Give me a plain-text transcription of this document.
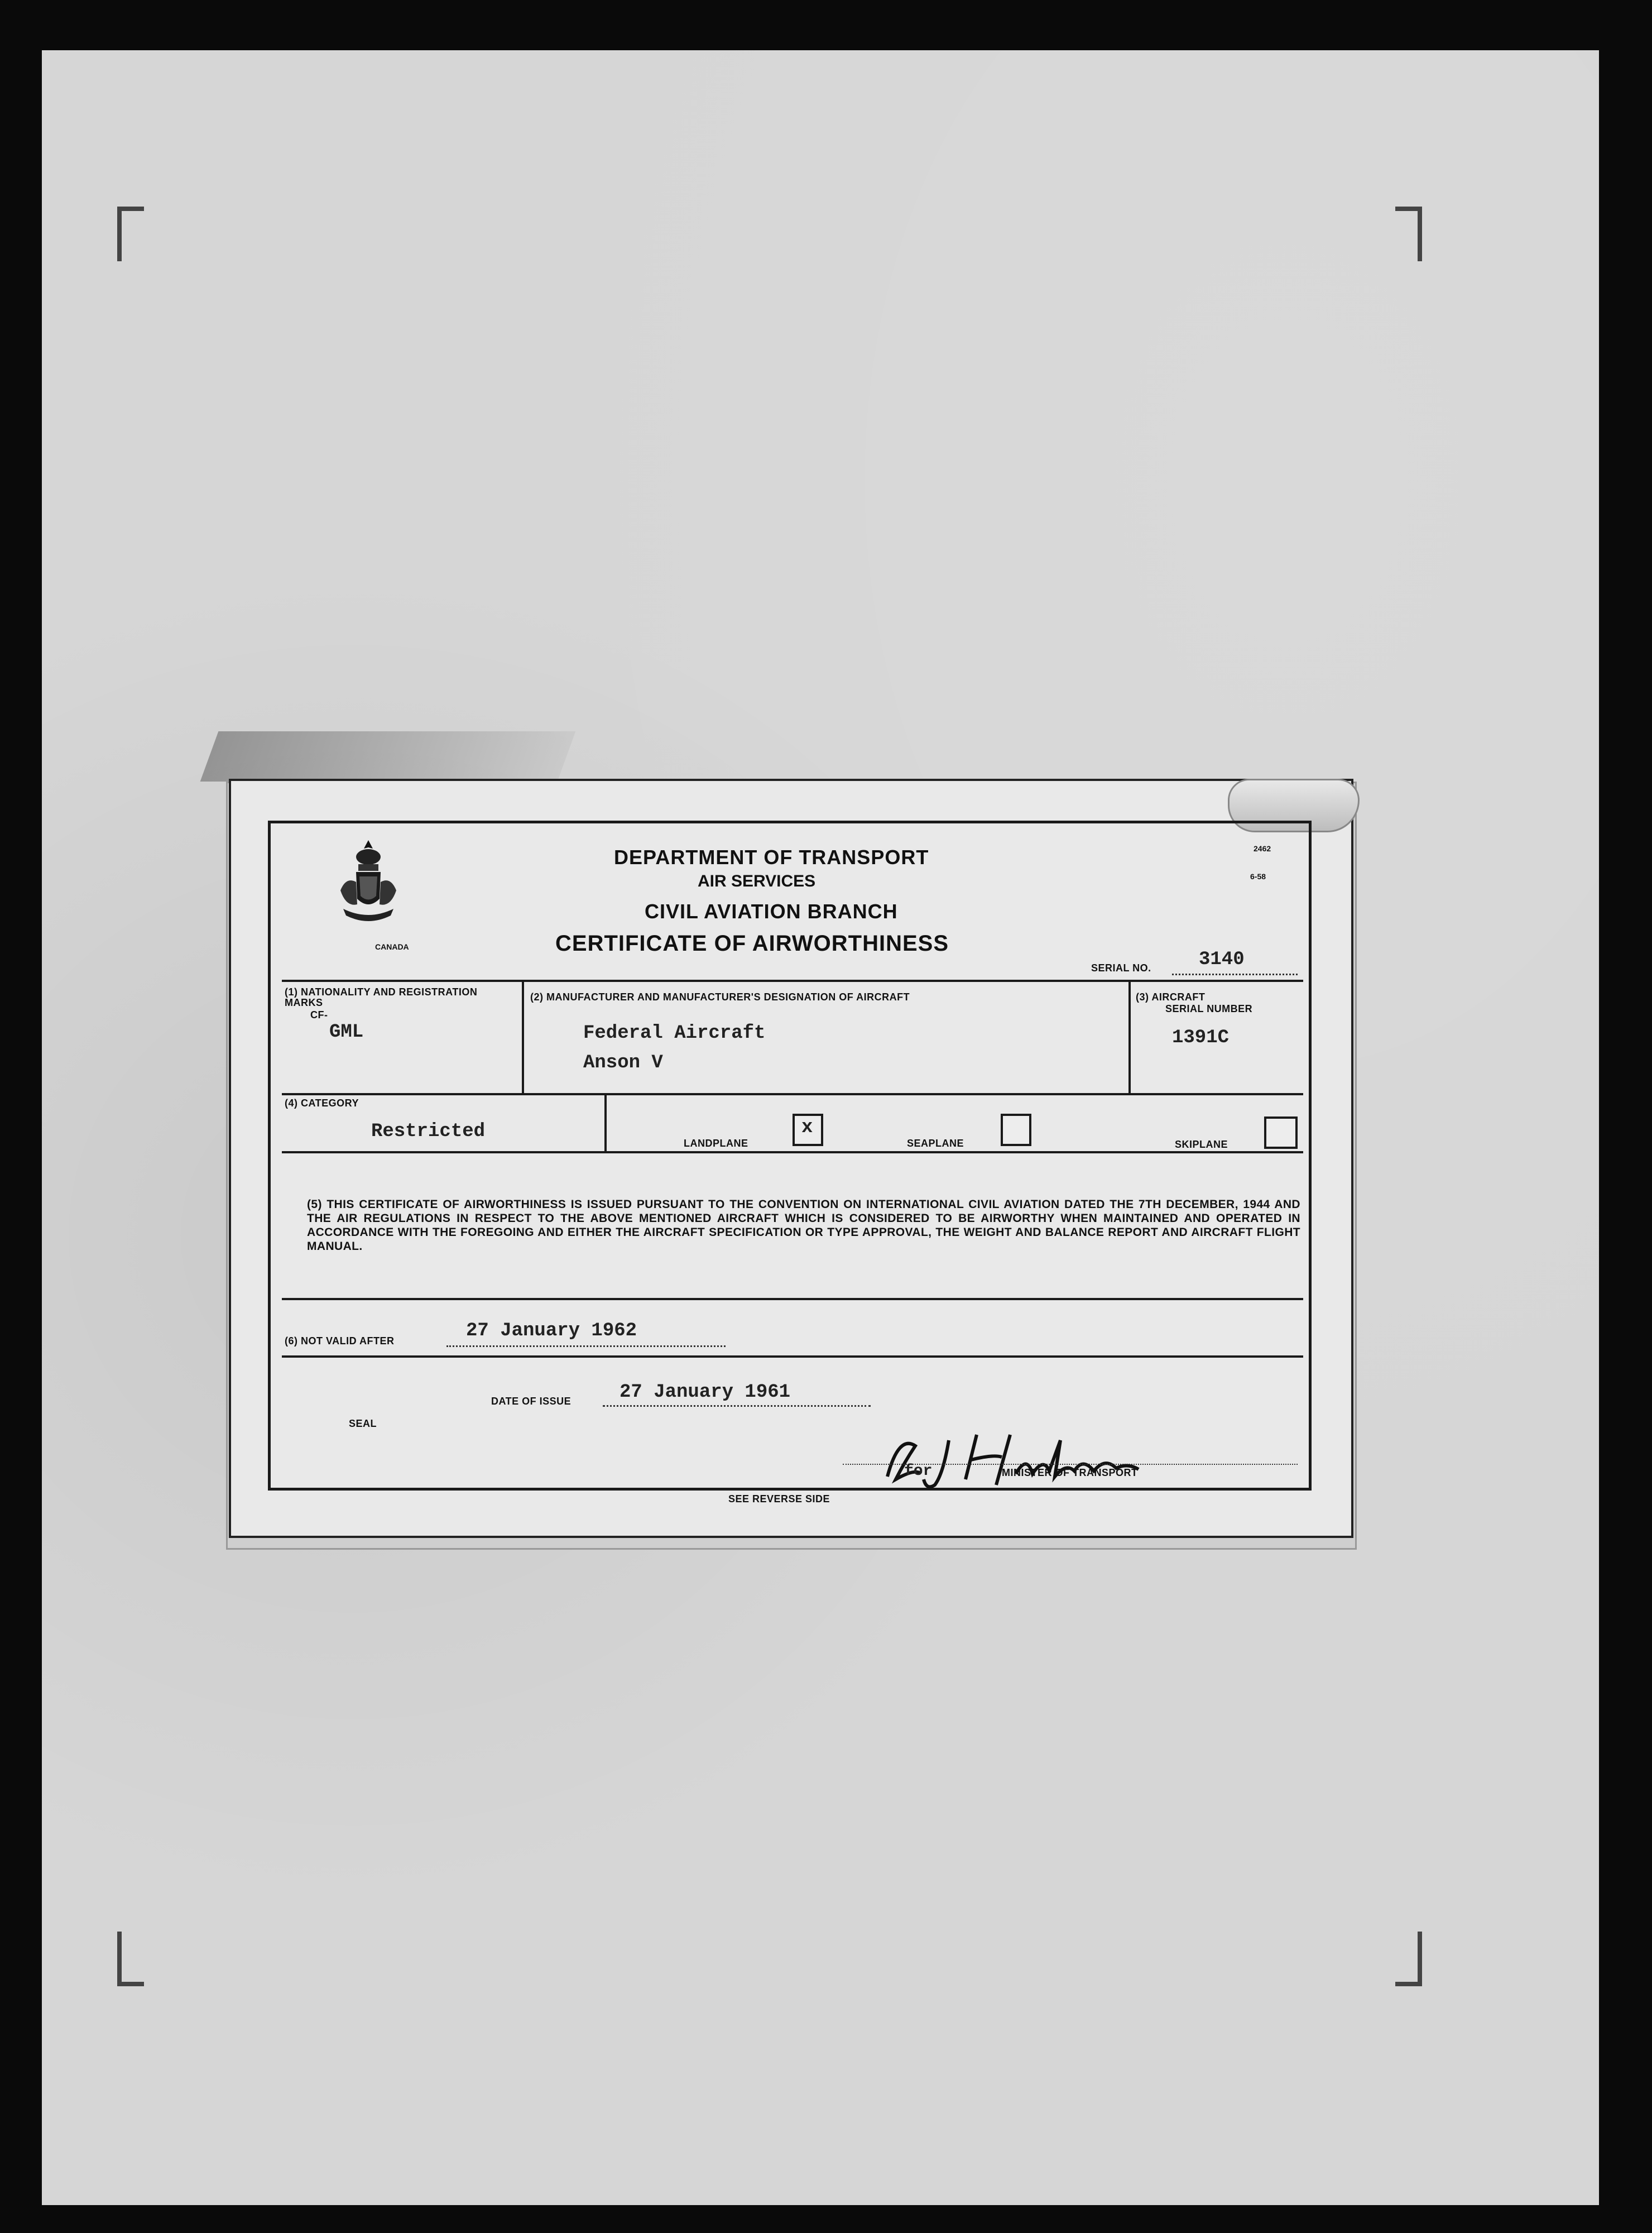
CANADA
DEPARTMENT OF TRANSPORT
AIR SERVICES
CIVIL AVIATION BRANCH
CERTIFICATE OF AIRWORTHINESS
2462
6-58
SERIAL NO.	3140
(1) NATIONALITY AND REGISTRATION MARKS
CF-
GML
(2) MANUFACTURER AND MANUFACTURER'S DESIGNATION OF AIRCRAFT
Federal Aircraft
Anson V
(3) AIRCRAFT
SERIAL NUMBER
1391C
(4) CATEGORY
Restricted
LANDPLANE
x
SEAPLANE	SKIPLANE
(5) THIS CERTIFICATE OF AIRWORTHINESS IS ISSUED PURSUANT TO THE CONVENTION ON INTERNATIONAL CIVIL AVIATION DATED THE 7TH DECEMBER, 1944 AND THE AIR REGULATIONS IN RESPECT TO THE ABOVE MENTIONED AIRCRAFT WHICH IS CONSIDERED TO BE AIRWORTHY WHEN MAINTAINED AND OPERATED IN ACCORDANCE WITH THE FOREGOING AND EITHER THE AIRCRAFT SPECIFICATION OR TYPE APPROVAL, THE WEIGHT AND BALANCE REPORT AND AIRCRAFT FLIGHT MANUAL.
(6) NOT VALID AFTER	27 January 1962
DATE OF ISSUE	27 January 1961
SEAL
for	MINISTER OF TRANSPORT
SEE REVERSE SIDE
